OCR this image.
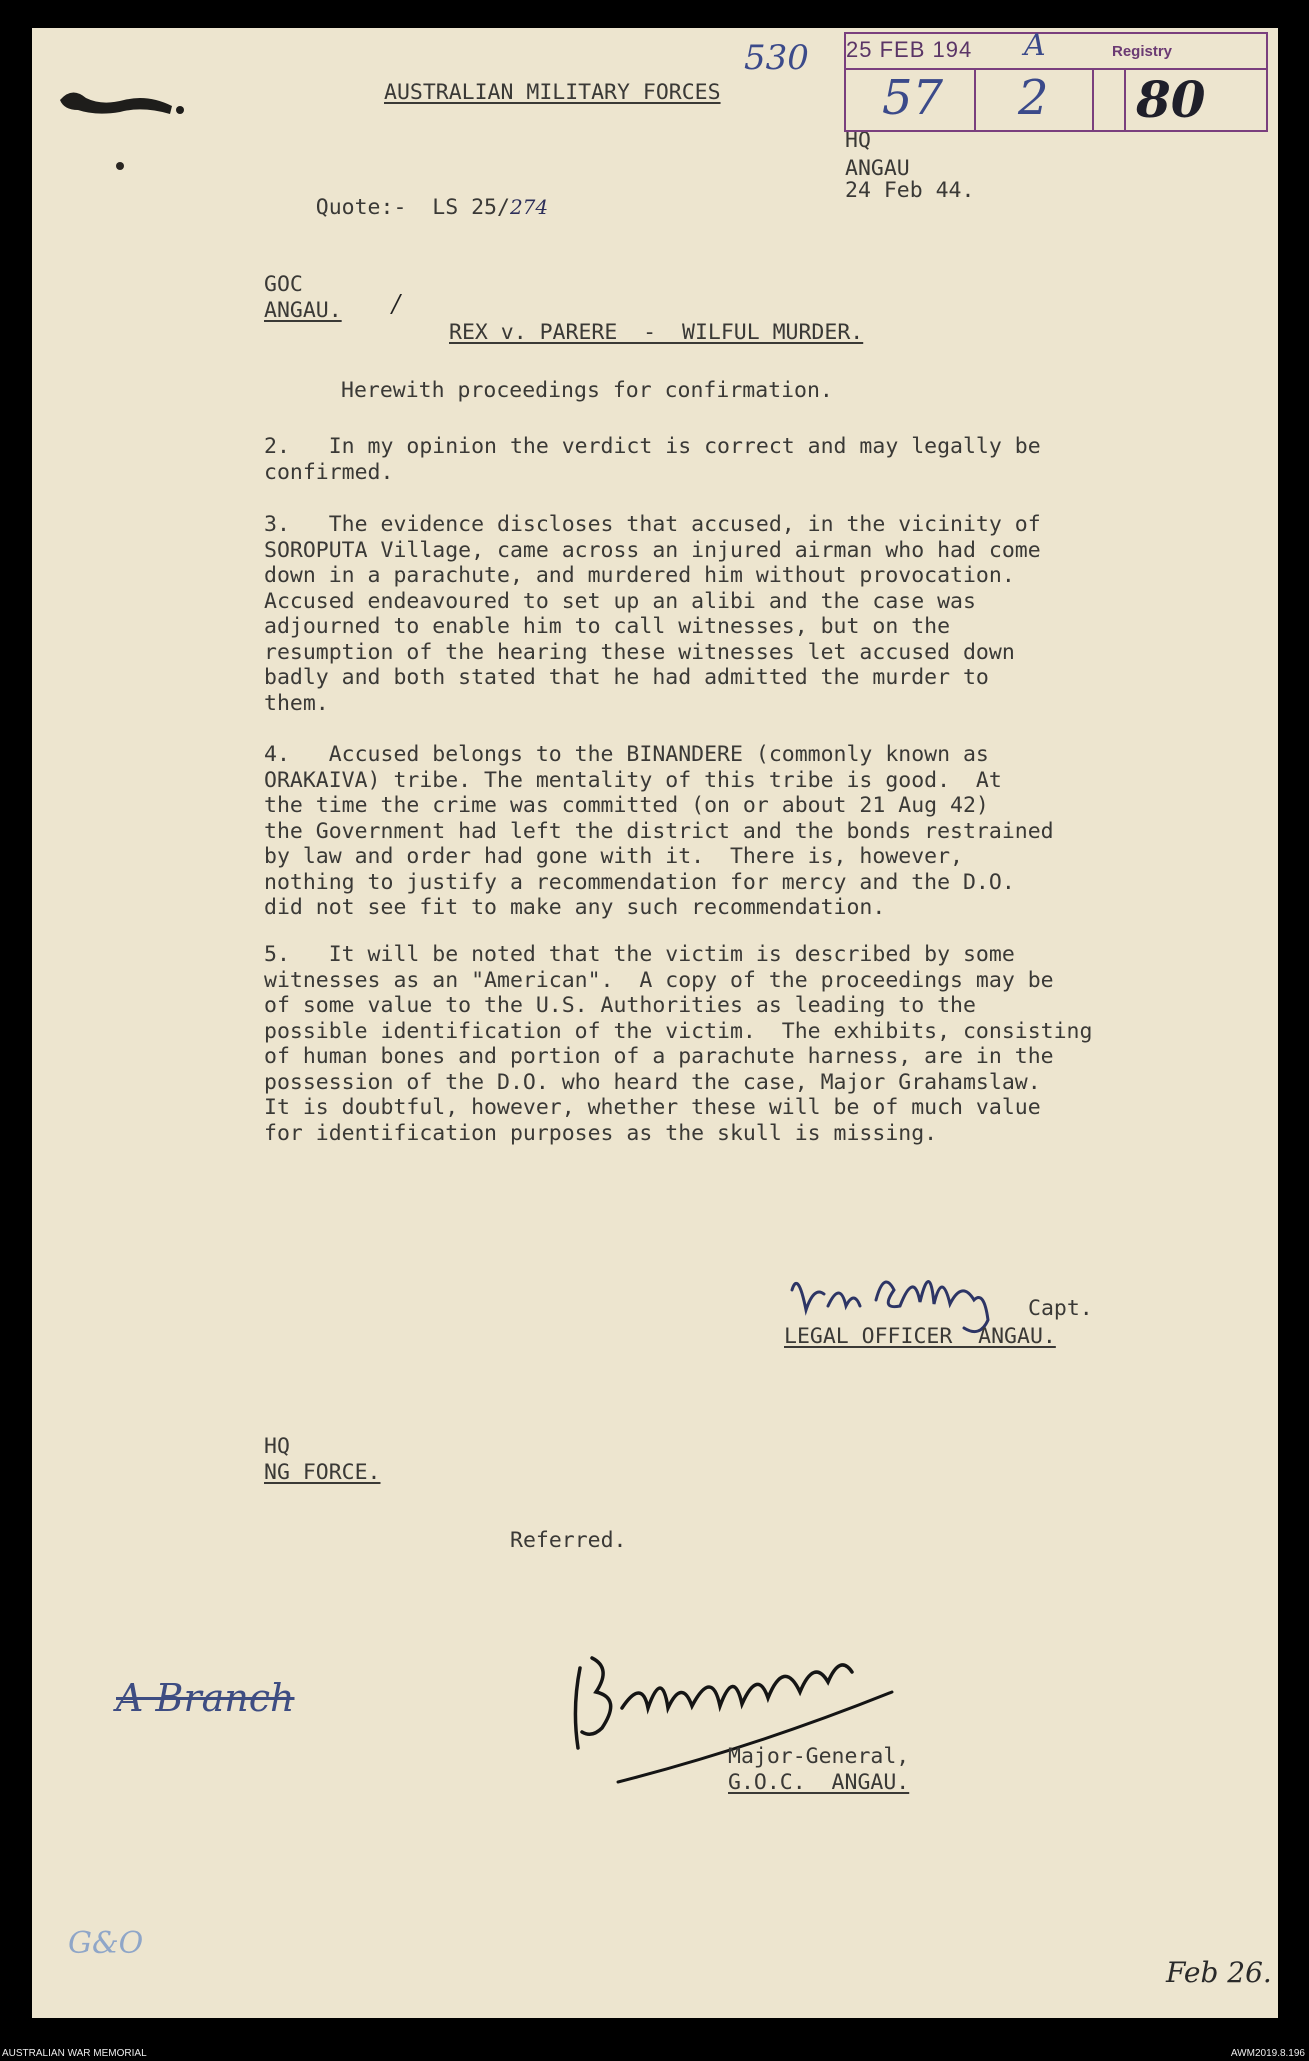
AUSTRALIAN MILITARY FORCES

Quote:-  LS 25/274

HQ
ANGAU
24 Feb 44.
25 FEB 194 A	Registry
57 2 80
530
GOC
ANGAU. /
REX v. PARERE  -  WILFUL MURDER.
Herewith proceedings for confirmation.
2.   In my opinion the verdict is correct and may legally be
confirmed.
3.   The evidence discloses that accused, in the vicinity of
SOROPUTA Village, came across an injured airman who had come
down in a parachute, and murdered him without provocation.
Accused endeavoured to set up an alibi and the case was
adjourned to enable him to call witnesses, but on the
resumption of the hearing these witnesses let accused down
badly and both stated that he had admitted the murder to
them.
4.   Accused belongs to the BINANDERE (commonly known as
ORAKAIVA) tribe. The mentality of this tribe is good.  At
the time the crime was committed (on or about 21 Aug 42)
the Government had left the district and the bonds restrained
by law and order had gone with it.  There is, however,
nothing to justify a recommendation for mercy and the D.O.
did not see fit to make any such recommendation.
5.   It will be noted that the victim is described by some
witnesses as an "American".  A copy of the proceedings may be
of some value to the U.S. Authorities as leading to the
possible identification of the victim.  The exhibits, consisting
of human bones and portion of a parachute harness, are in the
possession of the D.O. who heard the case, Major Grahamslaw.
It is doubtful, however, whether these will be of much value
for identification purposes as the skull is missing.
Capt.
LEGAL OFFICER  ANGAU.
HQ
NG FORCE.
Referred.
Major-General,
G.O.C.  ANGAU.
A Branch
G&O
Feb 26.
AUSTRALIAN WAR MEMORIAL	AWM2019.8.196
